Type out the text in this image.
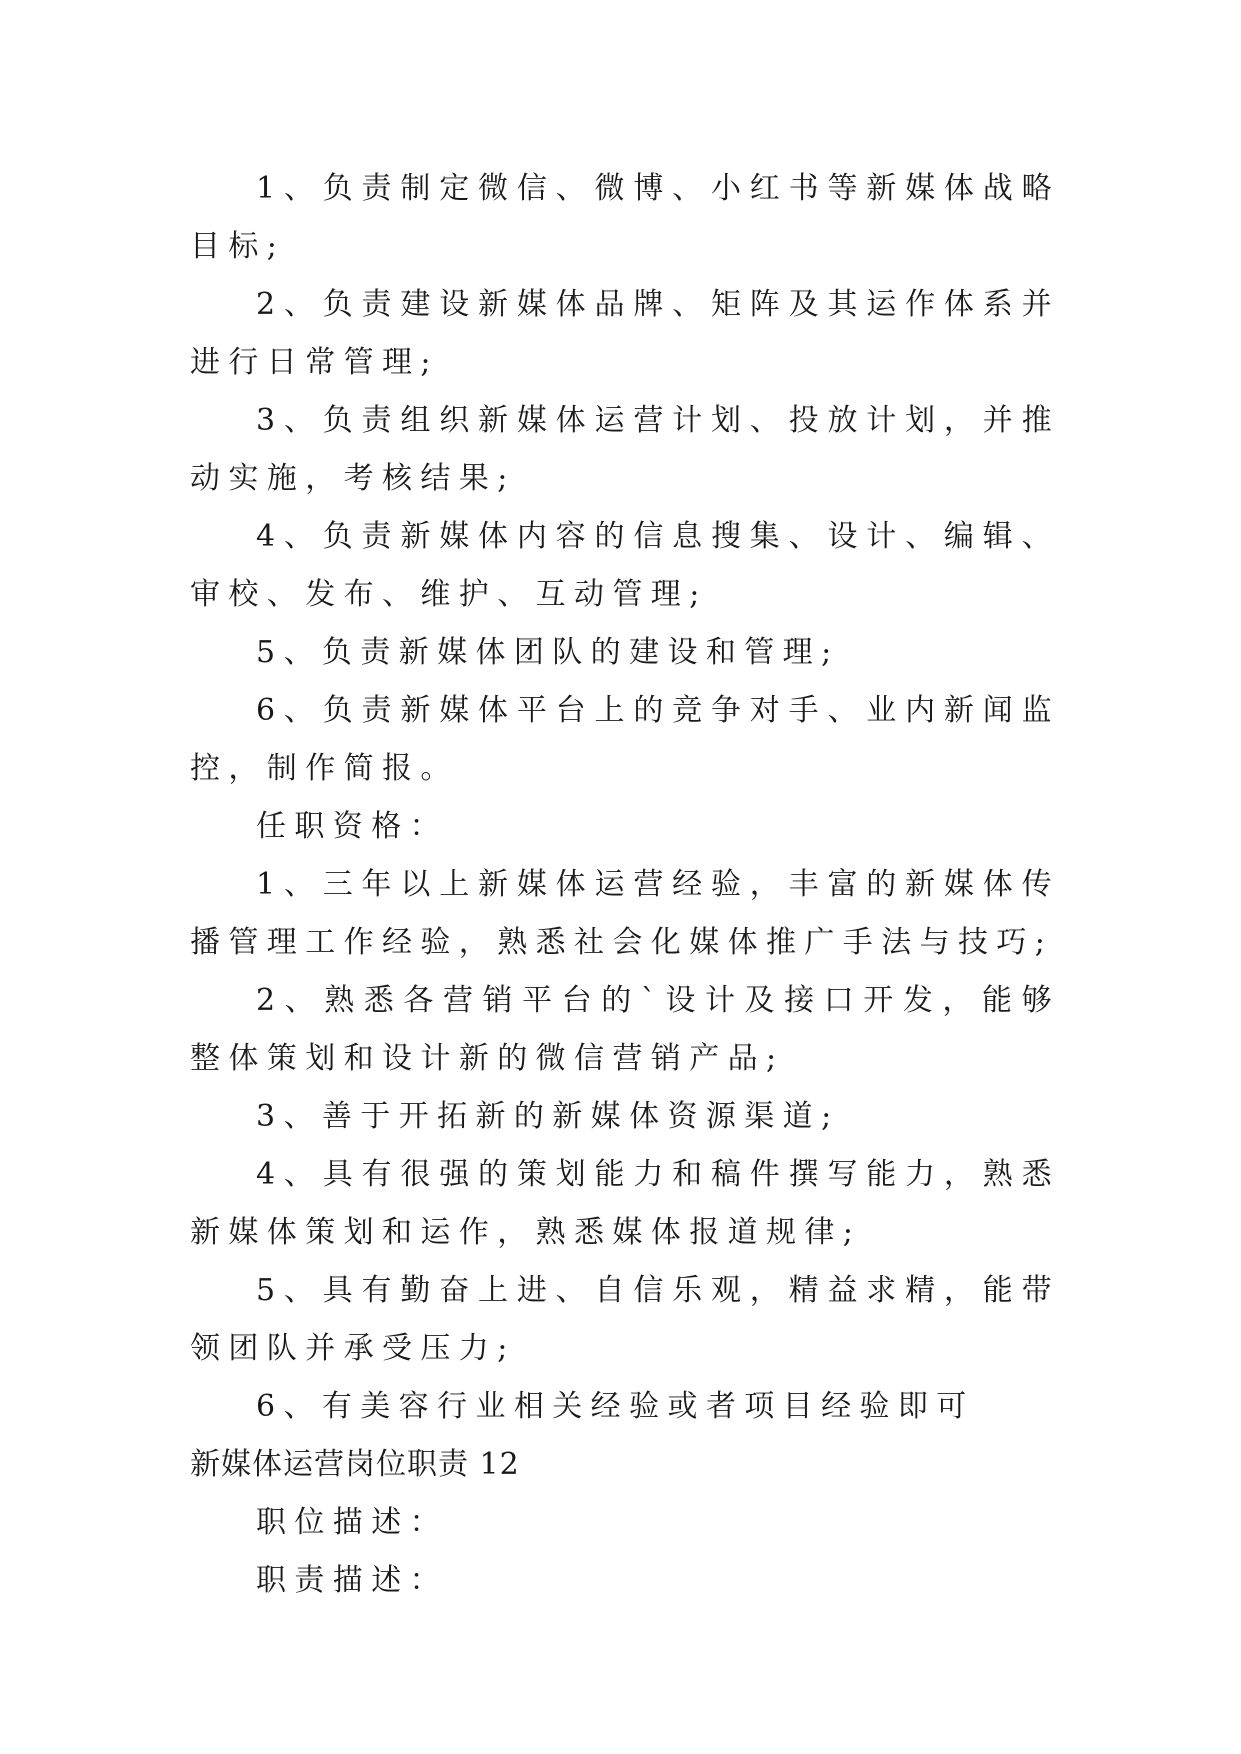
1、负责制定微信、微博、小红书等新媒体战略目标;

2、负责建设新媒体品牌、矩阵及其运作体系并进行日常管理;

3、负责组织新媒体运营计划、投放计划，并推动实施，考核结果;

4、负责新媒体内容的信息搜集、设计、编辑、审校、发布、维护、互动管理;

5、负责新媒体团队的建设和管理;

6、负责新媒体平台上的竞争对手、业内新闻监控，制作简报。

任职资格：

1、三年以上新媒体运营经验，丰富的新媒体传播管理工作经验，熟悉社会化媒体推广手法与技巧;

2、熟悉各营销平台的`设计及接口开发，能够整体策划和设计新的微信营销产品;

3、善于开拓新的新媒体资源渠道;

4、具有很强的策划能力和稿件撰写能力，熟悉新媒体策划和运作，熟悉媒体报道规律;

5、具有勤奋上进、自信乐观，精益求精，能带领团队并承受压力;

6、有美容行业相关经验或者项目经验即可

新媒体运营岗位职责 12

职位描述：

职责描述：
